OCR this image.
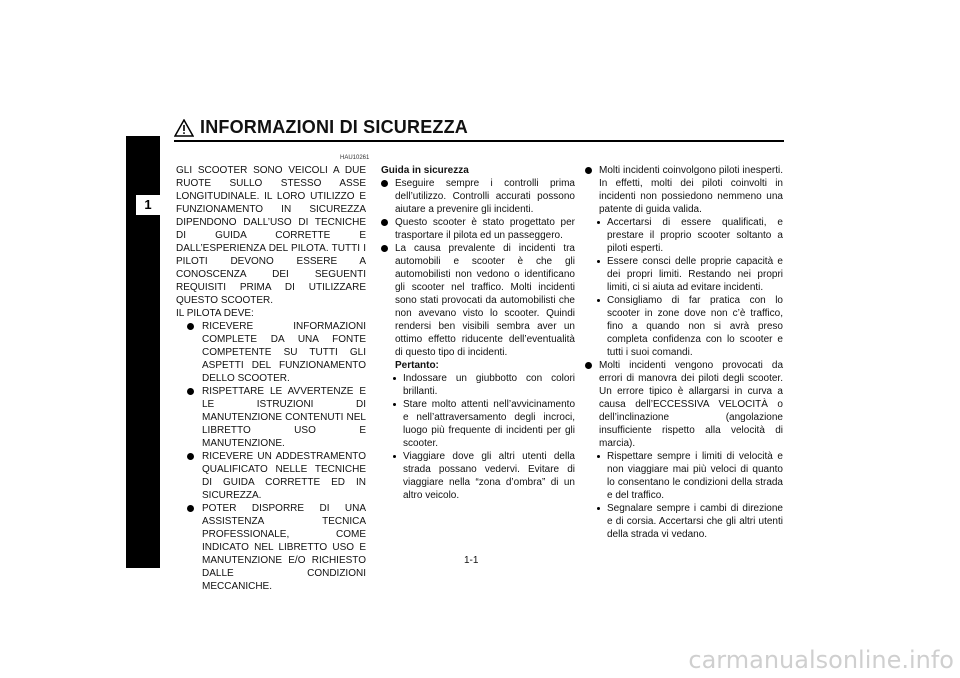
1
INFORMAZIONI DI SICUREZZA
HAU10261
GLI SCOOTER SONO VEICOLI A DUE RUOTE SULLO STESSO ASSE LONGITUDINALE. IL LORO UTILIZZO E FUNZIONAMENTO IN SICUREZZA DIPENDONO DALL’USO DI TECNICHE DI GUIDA CORRETTE E DALL’ESPERIENZA DEL PILOTA. TUTTI I PILOTI DEVONO ESSERE A CONOSCENZA DEI SEGUENTI REQUISITI PRIMA DI UTILIZZARE QUESTO SCOOTER.
IL PILOTA DEVE:
RICEVERE INFORMAZIONI COMPLETE DA UNA FONTE COMPETENTE SU TUTTI GLI ASPETTI DEL FUNZIONAMENTO DELLO SCOOTER.
RISPETTARE LE AVVERTENZE E LE ISTRUZIONI DI MANUTENZIONE CONTENUTI NEL LIBRETTO USO E MANUTENZIONE.
RICEVERE UN ADDESTRAMENTO QUALIFICATO NELLE TECNICHE DI GUIDA CORRETTE ED IN SICUREZZA.
POTER DISPORRE DI UNA ASSISTENZA TECNICA PROFESSIONALE, COME INDICATO NEL LIBRETTO USO E MANUTENZIONE E/O RICHIESTO DALLE CONDIZIONI MECCANICHE.
Guida in sicurezza
Eseguire sempre i controlli prima dell’utilizzo. Controlli accurati possono aiutare a prevenire gli incidenti.
Questo scooter è stato progettato per trasportare il pilota ed un passeggero.
La causa prevalente di incidenti tra automobili e scooter è che gli automobilisti non vedono o identificano gli scooter nel traffico. Molti incidenti sono stati provocati da automobilisti che non avevano visto lo scooter. Quindi rendersi ben visibili sembra aver un ottimo effetto riducente dell’eventualità di questo tipo di incidenti.
Pertanto:
Indossare un giubbotto con colori brillanti.
Stare molto attenti nell’avvicinamento e nell’attraversamento degli incroci, luogo più frequente di incidenti per gli scooter.
Viaggiare dove gli altri utenti della strada possano vedervi. Evitare di viaggiare nella “zona d’ombra” di un altro veicolo.
Molti incidenti coinvolgono piloti inesperti. In effetti, molti dei piloti coinvolti in incidenti non possiedono nemmeno una patente di guida valida.
Accertarsi di essere qualificati, e prestare il proprio scooter soltanto a piloti esperti.
Essere consci delle proprie capacità e dei propri limiti. Restando nei propri limiti, ci si aiuta ad evitare incidenti.
Consigliamo di far pratica con lo scooter in zone dove non c’è traffico, fino a quando non si avrà preso completa confidenza con lo scooter e tutti i suoi comandi.
Molti incidenti vengono provocati da errori di manovra dei piloti degli scooter. Un errore tipico è allargarsi in curva a causa dell’ECCESSIVA VELOCITÀ o dell’inclinazione (angolazione insufficiente rispetto alla velocità di marcia).
Rispettare sempre i limiti di velocità e non viaggiare mai più veloci di quanto lo consentano le condizioni della strada e del traffico.
Segnalare sempre i cambi di direzione e di corsia. Accertarsi che gli altri utenti della strada vi vedano.
1-1
carmanualsonline.info
